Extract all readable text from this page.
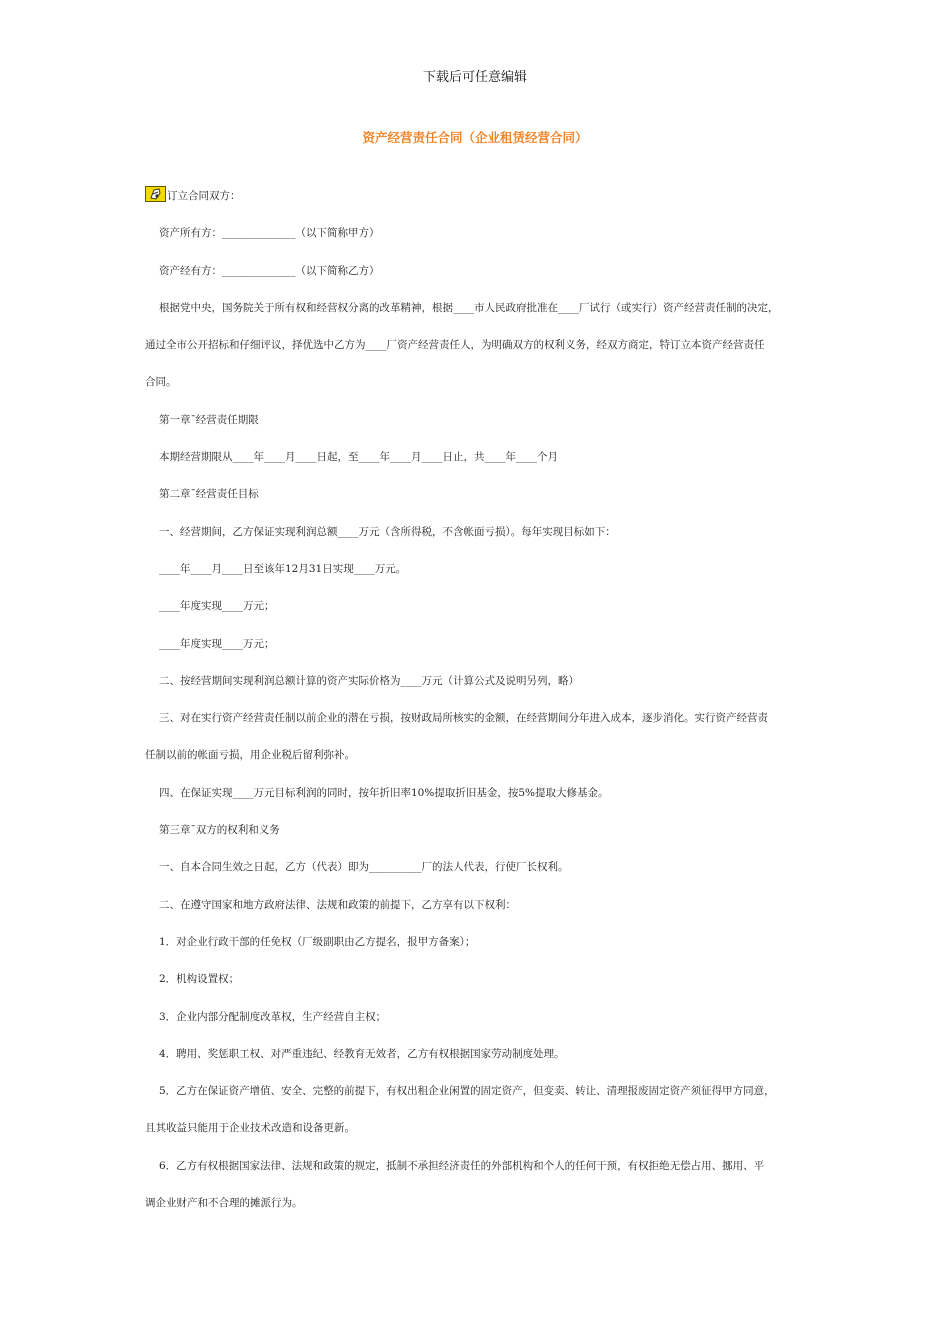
下载后可任意编辑
资产经营责任合同（企业租赁经营合同）
订立合同双方：
资产所有方：______________（以下简称甲方）
资产经有方：______________（以下简称乙方）
根据党中央，国务院关于所有权和经营权分离的改革精神，根据____市人民政府批准在____厂试行（或实行）资产经营责任制的决定，
通过全市公开招标和仔细评议，择优选中乙方为____厂资产经营责任人，为明确双方的权利义务，经双方商定，特订立本资产经营责任
合同。
第一章ˉ经营责任期限
本期经营期限从____年____月____日起，至____年____月____日止，共____年____个月
第二章ˉ经营责任目标
一、经营期间，乙方保证实现利润总额____万元（含所得税，不含帐面亏损）。每年实现目标如下：
____年____月____日至该年12月31日实现____万元。
____年度实现____万元；
____年度实现____万元；
二、按经营期间实现利润总额计算的资产实际价格为____万元（计算公式及说明另列，略）
三、对在实行资产经营责任制以前企业的潜在亏损，按财政局所核实的金额，在经营期间分年进入成本，逐步消化。实行资产经营责
任制以前的帐面亏损，用企业税后留利弥补。
四、在保证实现____万元目标利润的同时，按年折旧率10%提取折旧基金，按5%提取大修基金。
第三章ˉ双方的权利和义务
一、自本合同生效之日起，乙方（代表）即为__________厂的法人代表，行使厂长权利。
二、在遵守国家和地方政府法律、法规和政策的前提下，乙方享有以下权利：
1．对企业行政干部的任免权（厂级副职由乙方提名，报甲方备案）；
2．机构设置权；
3．企业内部分配制度改革权，生产经营自主权；
4．聘用、奖惩职工权、对严重违纪、经教育无效者，乙方有权根据国家劳动制度处理。
5．乙方在保证资产增值、安全、完整的前提下，有权出租企业闲置的固定资产，但变卖、转让、清理报废固定资产须征得甲方同意，
且其收益只能用于企业技术改造和设备更新。
6．乙方有权根据国家法律、法规和政策的规定，抵制不承担经济责任的外部机构和个人的任何干预，有权拒绝无偿占用、挪用、平
调企业财产和不合理的摊派行为。
